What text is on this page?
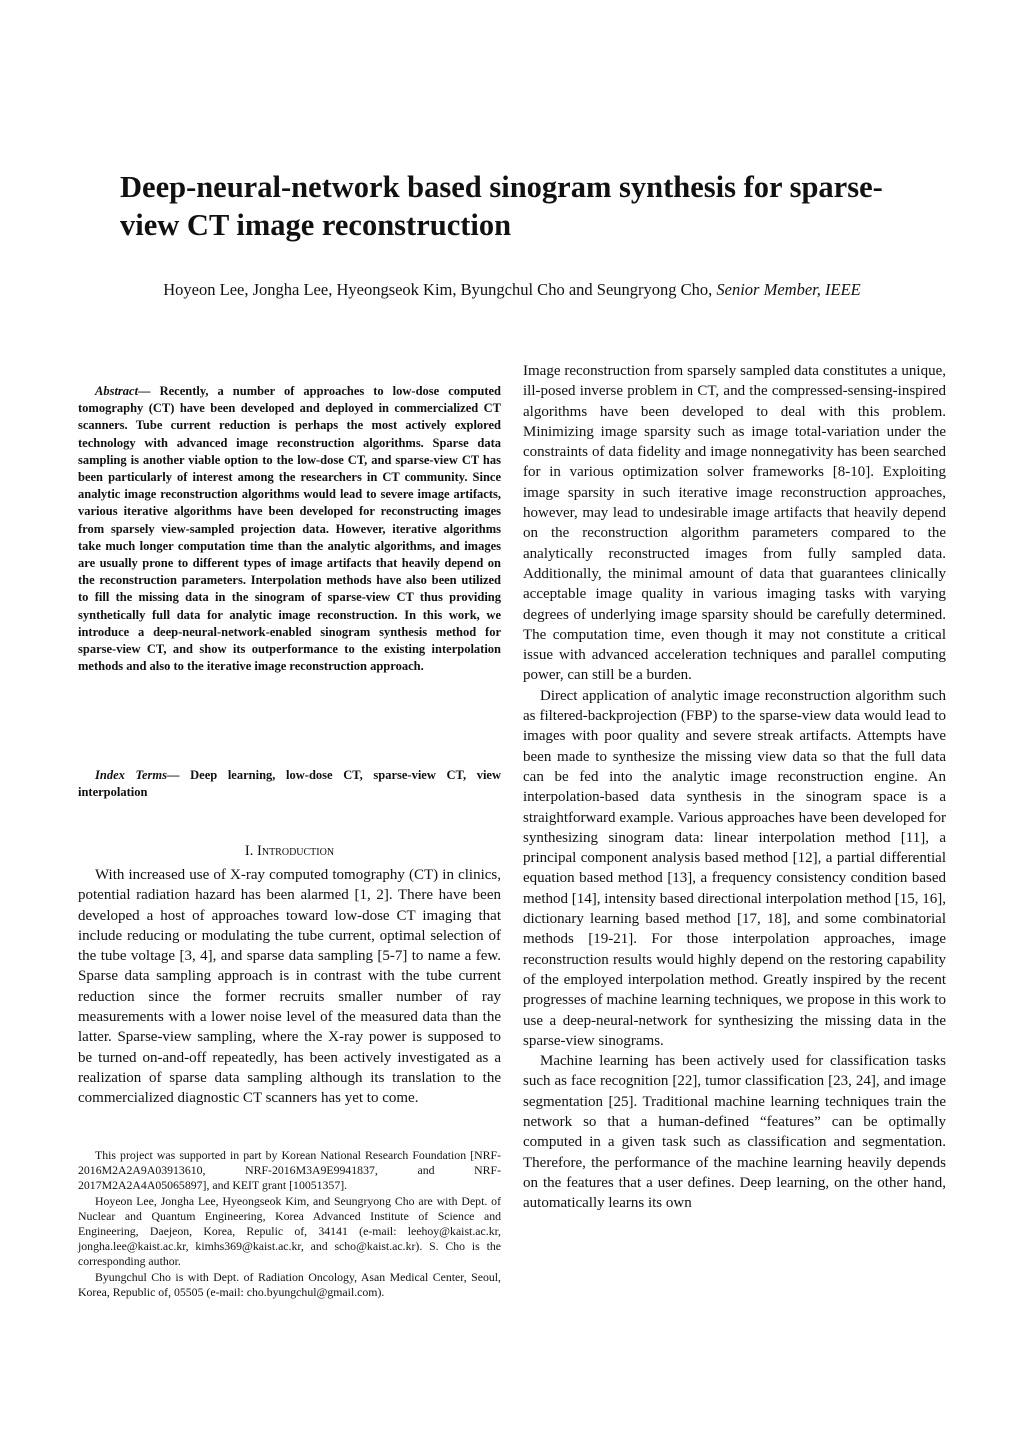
Deep-neural-network based sinogram synthesis for sparse-view CT image reconstruction
Hoyeon Lee, Jongha Lee, Hyeongseok Kim, Byungchul Cho and Seungryong Cho, Senior Member, IEEE
Abstract— Recently, a number of approaches to low-dose computed tomography (CT) have been developed and deployed in commercialized CT scanners. Tube current reduction is perhaps the most actively explored technology with advanced image reconstruction algorithms. Sparse data sampling is another viable option to the low-dose CT, and sparse-view CT has been particularly of interest among the researchers in CT community. Since analytic image reconstruction algorithms would lead to severe image artifacts, various iterative algorithms have been developed for reconstructing images from sparsely view-sampled projection data. However, iterative algorithms take much longer computation time than the analytic algorithms, and images are usually prone to different types of image artifacts that heavily depend on the reconstruction parameters. Interpolation methods have also been utilized to fill the missing data in the sinogram of sparse-view CT thus providing synthetically full data for analytic image reconstruction. In this work, we introduce a deep-neural-network-enabled sinogram synthesis method for sparse-view CT, and show its outperformance to the existing interpolation methods and also to the iterative image reconstruction approach.
Index Terms— Deep learning, low-dose CT, sparse-view CT, view interpolation
I. Introduction

With increased use of X-ray computed tomography (CT) in clinics, potential radiation hazard has been alarmed [1, 2]. There have been developed a host of approaches toward low-dose CT imaging that include reducing or modulating the tube current, optimal selection of the tube voltage [3, 4], and sparse data sampling [5-7] to name a few. Sparse data sampling approach is in contrast with the tube current reduction since the former recruits smaller number of ray measurements with a lower noise level of the measured data than the latter. Sparse-view sampling, where the X-ray power is supposed to be turned on-and-off repeatedly, has been actively investigated as a realization of sparse data sampling although its translation to the commercialized diagnostic CT scanners has yet to come.

This project was supported in part by Korean National Research Foundation [NRF-2016M2A2A9A03913610, NRF-2016M3A9E9941837, and NRF-2017M2A2A4A05065897], and KEIT grant [10051357].

Hoyeon Lee, Jongha Lee, Hyeongseok Kim, and Seungryong Cho are with Dept. of Nuclear and Quantum Engineering, Korea Advanced Institute of Science and Engineering, Daejeon, Korea, Repulic of, 34141 (e-mail: leehoy@kaist.ac.kr, jongha.lee@kaist.ac.kr, kimhs369@kaist.ac.kr, and scho@kaist.ac.kr). S. Cho is the corresponding author.

Byungchul Cho is with Dept. of Radiation Oncology, Asan Medical Center, Seoul, Korea, Republic of, 05505 (e-mail: cho.byungchul@gmail.com).

Image reconstruction from sparsely sampled data constitutes a unique, ill-posed inverse problem in CT, and the compressed-sensing-inspired algorithms have been developed to deal with this problem. Minimizing image sparsity such as image total-variation under the constraints of data fidelity and image nonnegativity has been searched for in various optimization solver frameworks [8-10]. Exploiting image sparsity in such iterative image reconstruction approaches, however, may lead to undesirable image artifacts that heavily depend on the reconstruction algorithm parameters compared to the analytically reconstructed images from fully sampled data. Additionally, the minimal amount of data that guarantees clinically acceptable image quality in various imaging tasks with varying degrees of underlying image sparsity should be carefully determined. The computation time, even though it may not constitute a critical issue with advanced acceleration techniques and parallel computing power, can still be a burden.

Direct application of analytic image reconstruction algorithm such as filtered-backprojection (FBP) to the sparse-view data would lead to images with poor quality and severe streak artifacts. Attempts have been made to synthesize the missing view data so that the full data can be fed into the analytic image reconstruction engine. An interpolation-based data synthesis in the sinogram space is a straightforward example. Various approaches have been developed for synthesizing sinogram data: linear interpolation method [11], a principal component analysis based method [12], a partial differential equation based method [13], a frequency consistency condition based method [14], intensity based directional interpolation method [15, 16], dictionary learning based method [17, 18], and some combinatorial methods [19-21]. For those interpolation approaches, image reconstruction results would highly depend on the restoring capability of the employed interpolation method. Greatly inspired by the recent progresses of machine learning techniques, we propose in this work to use a deep-neural-network for synthesizing the missing data in the sparse-view sinograms.

Machine learning has been actively used for classification tasks such as face recognition [22], tumor classification [23, 24], and image segmentation [25]. Traditional machine learning techniques train the network so that a human-defined “features” can be optimally computed in a given task such as classification and segmentation. Therefore, the performance of the machine learning heavily depends on the features that a user defines. Deep learning, on the other hand, automatically learns its own
